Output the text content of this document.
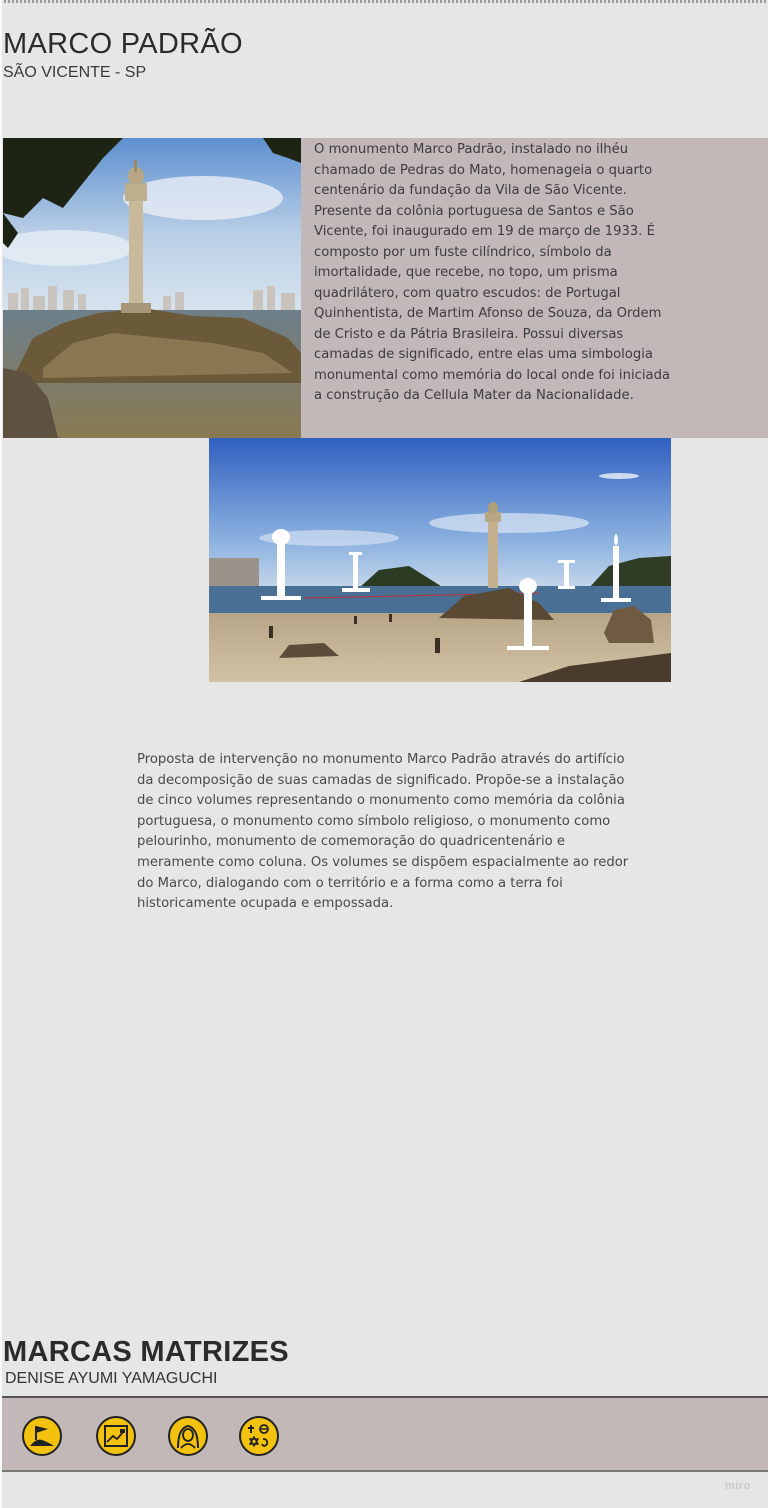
MARCO PADRÃO
SÃO VICENTE - SP

O monumento Marco Padrão, instalado no ilhéu chamado de Pedras do Mato, homenageia o quarto centenário da fundação da Vila de São Vicente. Presente da colônia portuguesa de Santos e São Vicente, foi inaugurado em 19 de março de 1933. É composto por um fuste cilíndrico, símbolo da imortalidade, que recebe, no topo, um prisma quadrilátero, com quatro escudos: de Portugal Quinhentista, de Martim Afonso de Souza, da Ordem de Cristo e da Pátria Brasileira. Possui diversas camadas de significado, entre elas uma simbologia monumental como memória do local onde foi iniciada a construção da Cellula Mater da Nacionalidade.

Proposta de intervenção no monumento Marco Padrão através do artifício da decomposição de suas camadas de significado. Propõe-se a instalação de cinco volumes representando o monumento como memória da colônia portuguesa, o monumento como símbolo religioso, o monumento como pelourinho, monumento de comemoração do quadricentenário e meramente como coluna. Os volumes se dispõem espacialmente ao redor do Marco, dialogando com o território e a forma como a terra foi historicamente ocupada e empossada.

MARCAS MATRIZES
DENISE AYUMI YAMAGUCHI
miro
